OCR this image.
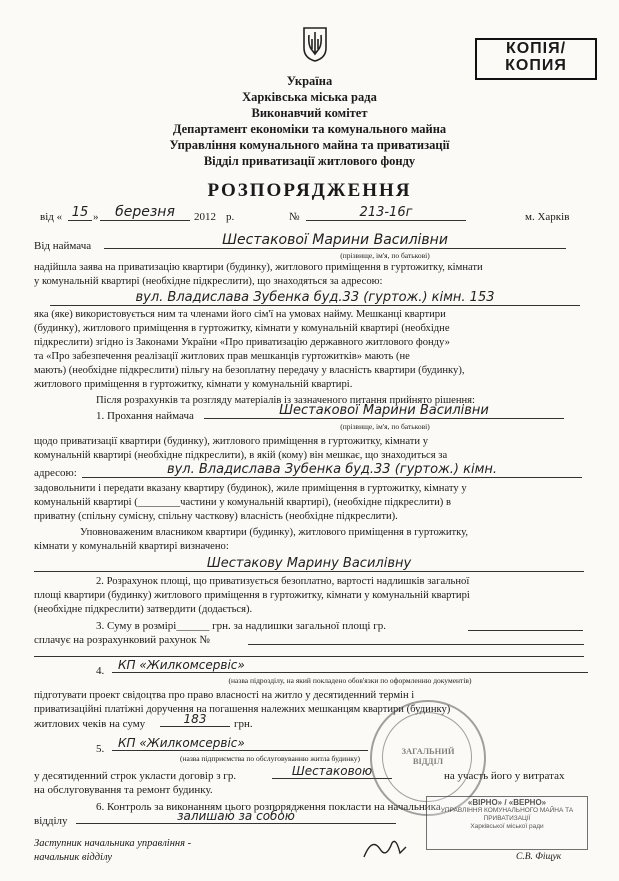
КОПІЯ/
КОПИЯ
Україна
Харківська міська рада
Виконавчий комітет
Департамент економіки та комунального майна
Управління комунального майна та приватизації
Відділ приватизації житлового фонду
РОЗПОРЯДЖЕННЯ
від « 15 »	березня	2012 р.	№	213-16г	м. Харків
Від наймача	Шестакової Марини Василівни
(прізвище, ім'я, по батькові)
надійшла заява на приватизацію квартири (будинку), житлового приміщення в гуртожитку, кімнати
у комунальній квартирі (необхідне підкреслити), що знаходяться за адресою:
вул. Владислава Зубенка буд.33 (гуртож.) кімн. 153
яка (яке) використовується ним та членами його сім'ї на умовах найму. Мешканці квартири
(будинку), житлового приміщення в гуртожитку, кімнати у комунальній квартирі (необхідне
підкреслити) згідно із Законами України «Про приватизацію державного житлового фонду»
та «Про забезпечення реалізації житлових прав мешканців гуртожитків» мають (не
мають) (необхідне підкреслити) пільгу на безоплатну передачу у власність квартири (будинку),
житлового приміщення в гуртожитку, кімнати у комунальній квартирі.
Після розрахунків та розгляду матеріалів із зазначеного питання прийнято рішення:
1. Прохання наймача	Шестакової Марини Василівни
(прізвище, ім'я, по батькові)
щодо приватизації квартири (будинку), житлового приміщення в гуртожитку, кімнати у
комунальній квартирі (необхідне підкреслити), в якій (кому) він мешкає, що знаходиться за
адресою:	вул. Владислава Зубенка буд.33 (гуртож.) кімн.
задовольнити і передати вказану квартиру (будинок), жиле приміщення в гуртожитку, кімнату у
комунальній квартирі (________частини у комунальній квартирі), (необхідне підкреслити) в
приватну (спільну сумісну, спільну часткову) власність (необхідне підкреслити).
Уповноваженим власником квартири (будинку), житлового приміщення в гуртожитку,
кімнати у комунальній квартирі визначено:
Шестакову Марину Василівну
2. Розрахунок площі, що приватизується безоплатно, вартості надлишків загальної
площі квартири (будинку) житлового приміщення в гуртожитку, кімнати у комунальній квартирі
(необхідне підкреслити) затвердити (додається).
3. Суму в розмірі______ грн. за надлишки загальної площі гр.
сплачує на розрахунковий рахунок №
4.	КП «Жилкомсервіс»
(назва підрозділу, на який покладено обов'язки по оформленню документів)
підготувати проект свідоцтва про право власності на житло у десятиденний термін і
приватизаційні платіжні доручення на погашення належних мешканцям квартири (будинку)
житлових чеків на суму	183	грн.
5.	КП «Жилкомсервіс»
(назва підприємства по обслуговуванню житла будинку)
у десятиденний строк укласти договір з гр.	Шестаковою	на участь його у витратах
на обслуговування та ремонт будинку.
6. Контроль за виконанням цього розпорядження покласти на начальника
відділу	залишаю за собою
Заступник начальника управління -
начальник відділу	С.В. Фіщук
ЗАГАЛЬНИЙ ВІДДІЛ
«ВІРНО» / «ВЕРНО»
УПРАВЛІННЯ КОМУНАЛЬНОГО МАЙНА ТА ПРИВАТИЗАЦІЇ
Харківської міської ради
